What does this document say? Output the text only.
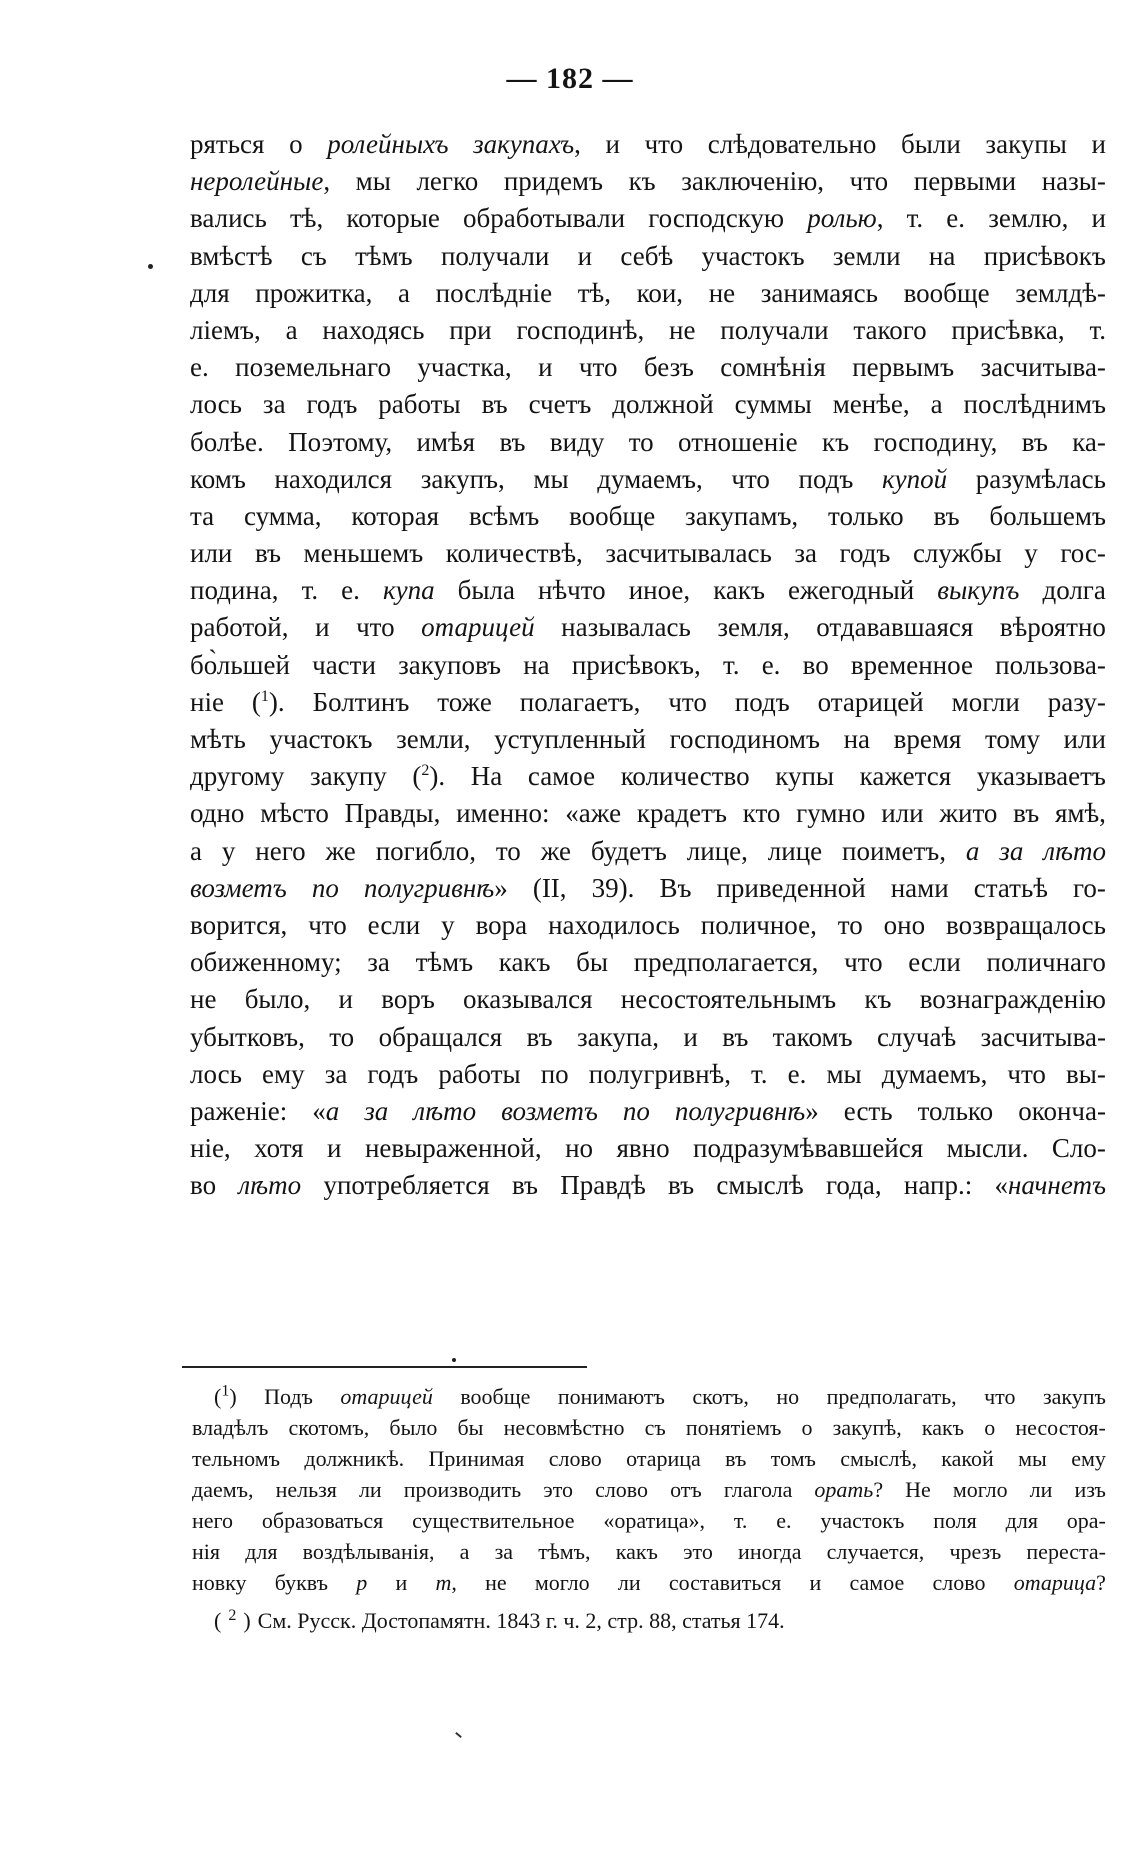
— 182 —
ряться о ролейныхъ закупахъ, и что слѣдовательно были закупы и
неролейные, мы легко придемъ къ заключенію, что первыми назы-
вались тѣ, которые обработывали господскую ролью, т. е. землю, и
вмѣстѣ съ тѣмъ получали и себѣ участокъ земли на присѣвокъ
для прожитка, а послѣдніе тѣ, кои, не занимаясь вообще землдѣ-
ліемъ, а находясь при господинѣ, не получали такого присѣвка, т.
е. поземельнаго участка, и что безъ сомнѣнія первымъ засчитыва-
лось за годъ работы въ счетъ должной суммы менѣе, а послѣднимъ
болѣе. Поэтому, имѣя въ виду то отношеніе къ господину, въ ка-
комъ находился закупъ, мы думаемъ, что подъ купой разумѣлась
та сумма, которая всѣмъ вообще закупамъ, только въ большемъ
или въ меньшемъ количествѣ, засчитывалась за годъ службы у гос-
подина, т. е. купа была нѣчто иное, какъ ежегодный выкупъ долга
работой, и что отарицей называлась земля, отдававшаяся вѣроятно
бо̀льшей части закуповъ на присѣвокъ, т. е. во временное пользова-
ніе ($^1$). Болтинъ тоже полагаетъ, что подъ отарицей могли разу-
мѣть участокъ земли, уступленный господиномъ на время тому или
другому закупу ($^2$). На самое количество купы кажется указываетъ
одно мѣсто Правды, именно: «аже крадетъ кто гумно или жито въ ямѣ,
а у него же погибло, то же будетъ лице, лице поиметъ, а за лѣто
возметъ по полугривнѣ» (II, 39). Въ приведенной нами статьѣ го-
ворится, что если у вора находилось поличное, то оно возвращалось
обиженному; за тѣмъ какъ бы предполагается, что если поличнаго
не было, и воръ оказывался несостоятельнымъ къ вознагражденію
убытковъ, то обращался въ закупа, и въ такомъ случаѣ засчитыва-
лось ему за годъ работы по полугривнѣ, т. е. мы думаемъ, что вы-
раженіе: «а за лѣто возметъ по полугривнѣ» есть только оконча-
ніе, хотя и невыраженной, но явно подразумѣвавшейся мысли. Сло-
во лѣто употребляется въ Правдѣ въ смыслѣ года, напр.: «начнетъ
($^1$) Подъ отарицей вообще понимаютъ скотъ, но предполагать, что закупъ
владѣлъ скотомъ, было бы несовмѣстно съ понятіемъ о закупѣ, какъ о несостоя-
тельномъ должникѣ. Принимая слово отарица въ томъ смыслѣ, какой мы ему
даемъ, нельзя ли производить это слово отъ глагола орать? Не могло ли изъ
него образоваться существительное «оратица», т. е. участокъ поля для ора-
нія для воздѣлыванія, а за тѣмъ, какъ это иногда случается, чрезъ переста-
новку буквъ р и т, не могло ли составиться и самое слово отарица?
( $^2$ ) См. Русск. Достопамятн. 1843 г. ч. 2, стр. 88, статья 174.
